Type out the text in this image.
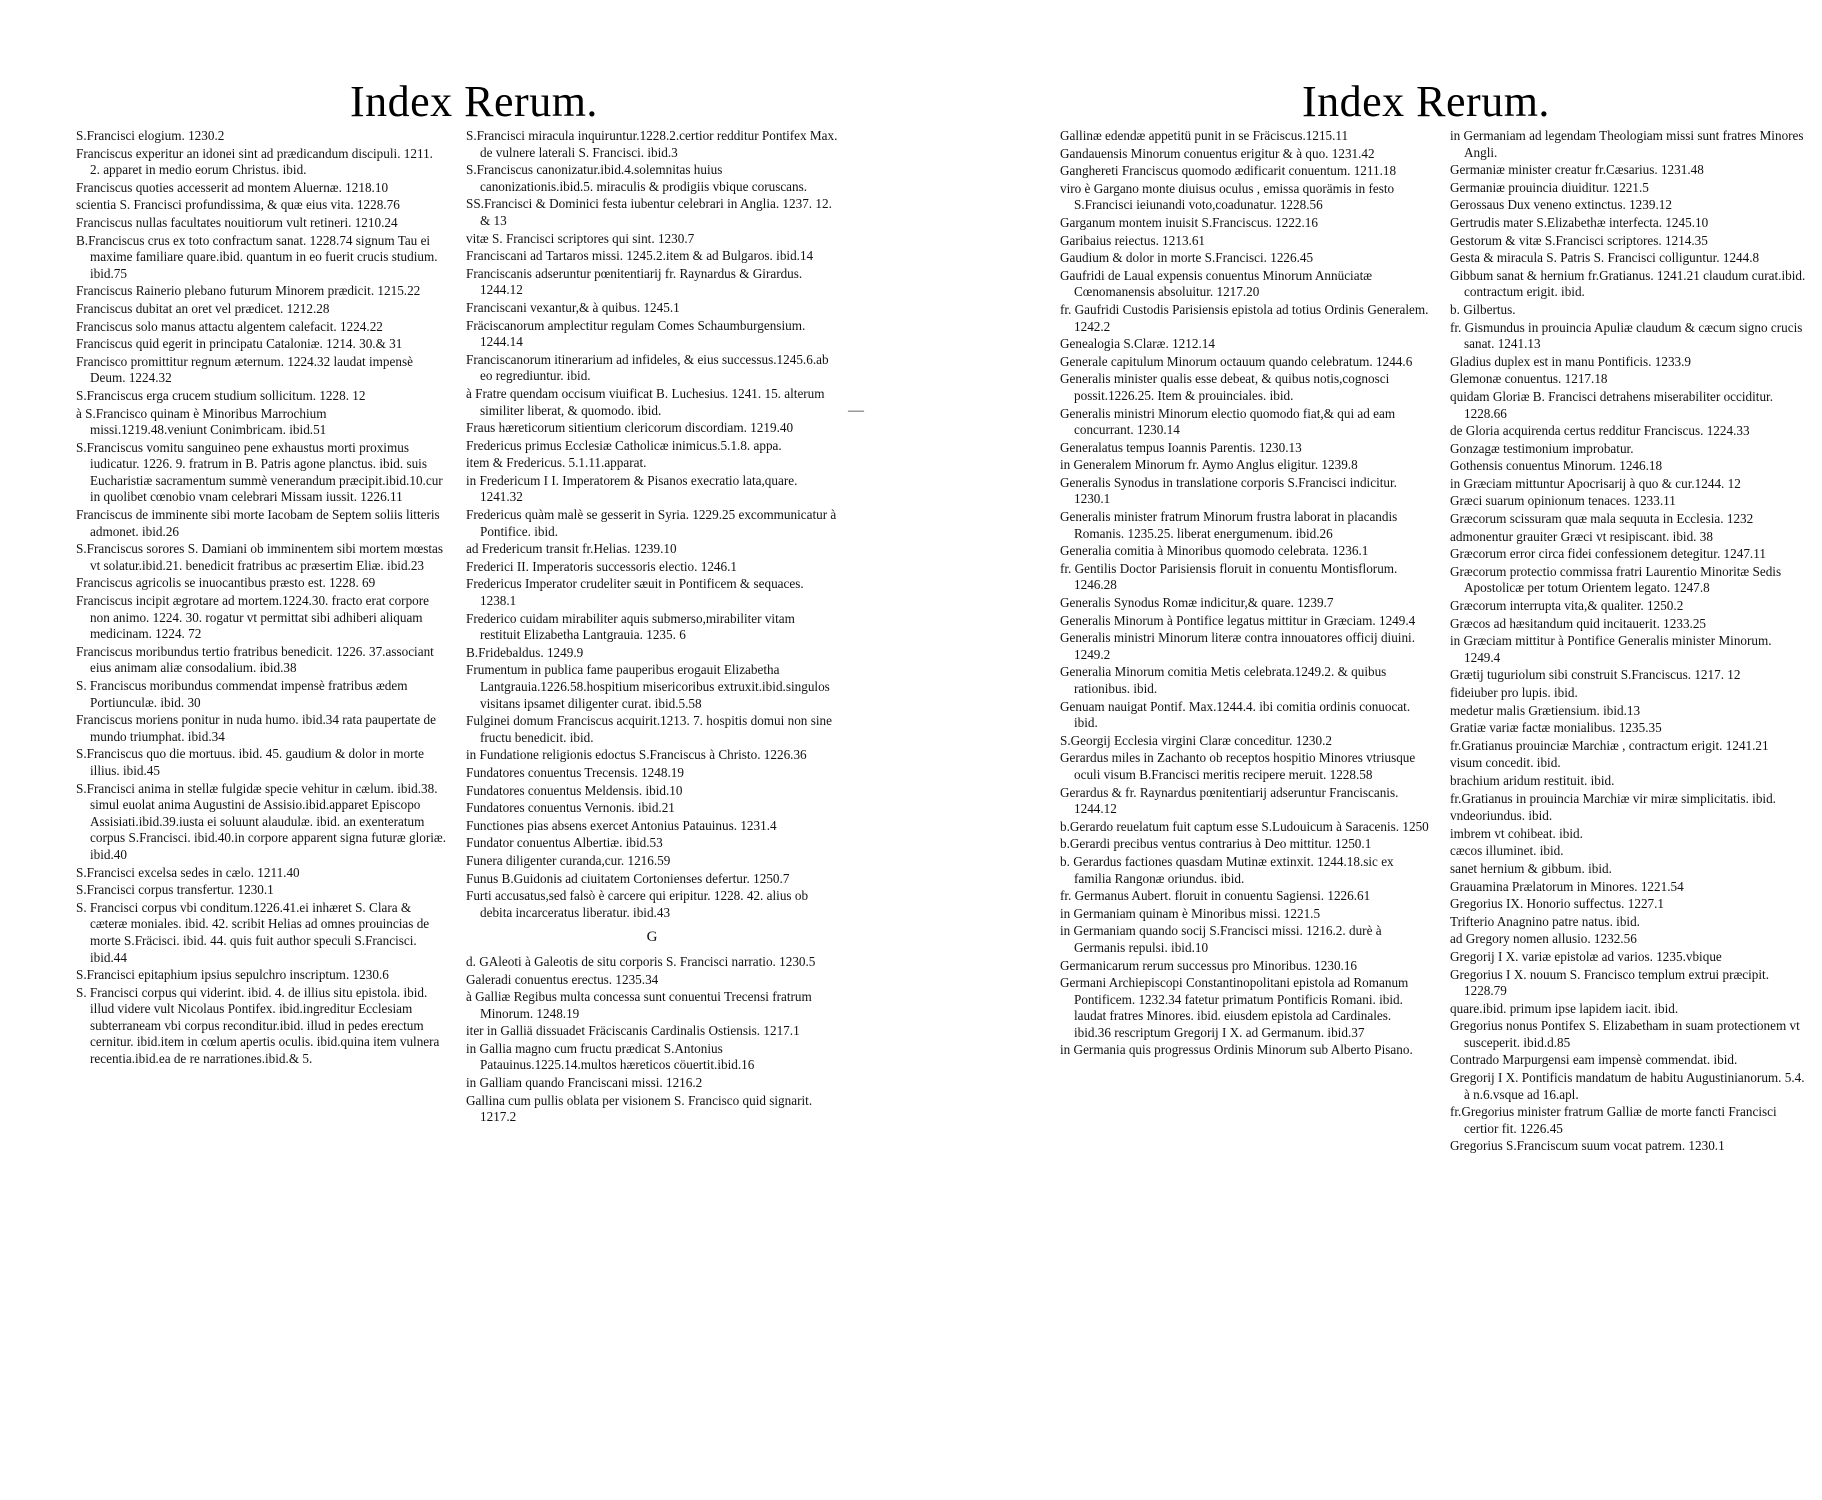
Index Rerum.
S.Francisci elogium. 1230.2
Franciscus experitur an idonei sint ad prædicandum discipuli. 1211. 2. apparet in medio eorum Christus. ibid.
Franciscus quoties accesserit ad montem Aluernæ. 1218.10
scientia S. Francisci profundissima, & quæ eius vita. 1228.76
Franciscus nullas facultates nouitiorum vult retineri. 1210.24
B.Franciscus crus ex toto confractum sanat. 1228.74 signum Tau ei maxime familiare quare.ibid. quantum in eo fuerit crucis studium. ibid.75
Franciscus Rainerio plebano futurum Minorem prædicit. 1215.22
Franciscus dubitat an oret vel prædicet. 1212.28
Franciscus solo manus attactu algentem calefacit. 1224.22
Franciscus quid egerit in principatu Cataloniæ. 1214. 30.& 31
Francisco promittitur regnum æternum. 1224.32 laudat impensè Deum. 1224.32
S.Franciscus erga crucem studium sollicitum. 1228. 12
à S.Francisco quinam è Minoribus Marrochium missi.1219.48.veniunt Conimbricam. ibid.51
S.Franciscus vomitu sanguineo pene exhaustus morti proximus iudicatur. 1226. 9. fratrum in B. Patris agone planctus. ibid. suis Eucharistiæ sacramentum summè venerandum præcipit.ibid.10.cur in quolibet cœnobio vnam celebrari Missam iussit. 1226.11
Franciscus de imminente sibi morte Iacobam de Septem soliis litteris admonet. ibid.26
S.Franciscus sorores S. Damiani ob imminentem sibi mortem mœstas vt solatur.ibid.21. benedicit fratribus ac præsertim Eliæ. ibid.23
Franciscus agricolis se inuocantibus præsto est. 1228. 69
Franciscus incipit ægrotare ad mortem.1224.30. fracto erat corpore non animo. 1224. 30. rogatur vt permittat sibi adhiberi aliquam medicinam. 1224. 72
Franciscus moribundus tertio fratribus benedicit. 1226. 37.associant eius animam aliæ consodalium. ibid.38
S. Franciscus moribundus commendat impensè fratribus ædem Portiunculæ. ibid. 30
Franciscus moriens ponitur in nuda humo. ibid.34 rata paupertate de mundo triumphat. ibid.34
S.Franciscus quo die mortuus. ibid. 45. gaudium & dolor in morte illius. ibid.45
S.Francisci anima in stellæ fulgidæ specie vehitur in cælum. ibid.38. simul euolat anima Augustini de Assisio.ibid.apparet Episcopo Assisiati.ibid.39.iusta ei soluunt alaudulæ. ibid. an exenteratum corpus S.Francisci. ibid.40.in corpore apparent signa futuræ gloriæ. ibid.40
S.Francisci excelsa sedes in cælo. 1211.40
S.Francisci corpus transfertur. 1230.1
S. Francisci corpus vbi conditum.1226.41.ei inhæret S. Clara & cæteræ moniales. ibid. 42. scribit Helias ad omnes prouincias de morte S.Fräcisci. ibid. 44. quis fuit author speculi S.Francisci. ibid.44
S.Francisci epitaphium ipsius sepulchro inscriptum. 1230.6
S. Francisci corpus qui viderint. ibid. 4. de illius situ epistola. ibid. illud videre vult Nicolaus Pontifex. ibid.ingreditur Ecclesiam subterraneam vbi corpus reconditur.ibid. illud in pedes erectum cernitur. ibid.item in cœlum apertis oculis. ibid.quina item vulnera recentia.ibid.ea de re narrationes.ibid.& 5.
S.Francisci miracula inquiruntur.1228.2.certior redditur Pontifex Max. de vulnere laterali S. Francisci. ibid.3
S.Franciscus canonizatur.ibid.4.solemnitas huius canonizationis.ibid.5. miraculis & prodigiis vbique coruscans.
SS.Francisci & Dominici festa iubentur celebrari in Anglia. 1237. 12. & 13
vitæ S. Francisci scriptores qui sint. 1230.7
Franciscani ad Tartaros missi. 1245.2.item & ad Bulgaros. ibid.14
Franciscanis adseruntur pœnitentiarij fr. Raynardus & Girardus. 1244.12
Franciscani vexantur,& à quibus. 1245.1
Fräciscanorum amplectitur regulam Comes Schaumburgensium. 1244.14
Franciscanorum itinerarium ad infideles, & eius successus.1245.6.ab eo regrediuntur. ibid.
à Fratre quendam occisum viuificat B. Luchesius. 1241. 15. alterum similiter liberat, & quomodo. ibid.
Fraus hæreticorum sitientium clericorum discordiam. 1219.40
Fredericus primus Ecclesiæ Catholicæ inimicus.5.1.8. appa.
item & Fredericus. 5.1.11.apparat.
in Fredericum I I. Imperatorem & Pisanos execratio lata,quare. 1241.32
Fredericus quàm malè se gesserit in Syria. 1229.25 excommunicatur à Pontifice. ibid.
ad Fredericum transit fr.Helias. 1239.10
Frederici II. Imperatoris successoris electio. 1246.1
Fredericus Imperator crudeliter sæuit in Pontificem & sequaces. 1238.1
Frederico cuidam mirabiliter aquis submerso,mirabiliter vitam restituit Elizabetha Lantgrauia. 1235. 6
B.Fridebaldus. 1249.9
Frumentum in publica fame pauperibus erogauit Elizabetha Lantgrauia.1226.58.hospitium misericoribus extruxit.ibid.singulos visitans ipsamet diligenter curat. ibid.5.58
Fulginei domum Franciscus acquirit.1213. 7. hospitis domui non sine fructu benedicit. ibid.
in Fundatione religionis edoctus S.Franciscus à Christo. 1226.36
Fundatores conuentus Trecensis. 1248.19
Fundatores conuentus Meldensis. ibid.10
Fundatores conuentus Vernonis. ibid.21
Functiones pias absens exercet Antonius Patauinus. 1231.4
Fundator conuentus Albertiæ. ibid.53
Funera diligenter curanda,cur. 1216.59
Funus B.Guidonis ad ciuitatem Cortonienses defertur. 1250.7
Furti accusatus,sed falsò è carcere qui eripitur. 1228. 42. alius ob debita incarceratus liberatur. ibid.43
G
d. GAleoti à Galeotis de situ corporis S. Francisci narratio. 1230.5
Galeradi conuentus erectus. 1235.34
à Galliæ Regibus multa concessa sunt conuentui Trecensi fratrum Minorum. 1248.19
iter in Galliä dissuadet Fräciscanis Cardinalis Ostiensis. 1217.1
in Gallia magno cum fructu prædicat S.Antonius Patauinus.1225.14.multos hæreticos cöuertit.ibid.16
in Galliam quando Franciscani missi. 1216.2
Gallina cum pullis oblata per visionem S. Francisco quid signarit. 1217.2
—
Index Rerum.
Gallinæ edendæ appetitü punit in se Fräciscus.1215.11
Gandauensis Minorum conuentus erigitur & à quo. 1231.42
Ganghereti Franciscus quomodo ædificarit conuentum. 1211.18
viro è Gargano monte diuisus oculus , emissa quorämis in festo S.Francisci ieiunandi voto,coadunatur. 1228.56
Garganum montem inuisit S.Franciscus. 1222.16
Garibaius reiectus. 1213.61
Gaudium & dolor in morte S.Francisci. 1226.45
Gaufridi de Laual expensis conuentus Minorum Annüciatæ Cœnomanensis absoluitur. 1217.20
fr. Gaufridi Custodis Parisiensis epistola ad totius Ordinis Generalem. 1242.2
Genealogia S.Claræ. 1212.14
Generale capitulum Minorum octauum quando celebratum. 1244.6
Generalis minister qualis esse debeat, & quibus notis,cognosci possit.1226.25. Item & prouinciales. ibid.
Generalis ministri Minorum electio quomodo fiat,& qui ad eam concurrant. 1230.14
Generalatus tempus Ioannis Parentis. 1230.13
in Generalem Minorum fr. Aymo Anglus eligitur. 1239.8
Generalis Synodus in translatione corporis S.Francisci indicitur. 1230.1
Generalis minister fratrum Minorum frustra laborat in placandis Romanis. 1235.25. liberat energumenum. ibid.26
Generalia comitia à Minoribus quomodo celebrata. 1236.1
fr. Gentilis Doctor Parisiensis floruit in conuentu Montisflorum. 1246.28
Generalis Synodus Romæ indicitur,& quare. 1239.7
Generalis Minorum à Pontifice legatus mittitur in Græciam. 1249.4
Generalis ministri Minorum literæ contra innouatores officij diuini. 1249.2
Generalia Minorum comitia Metis celebrata.1249.2. & quibus rationibus. ibid.
Genuam nauigat Pontif. Max.1244.4. ibi comitia ordinis conuocat. ibid.
S.Georgij Ecclesia virgini Claræ conceditur. 1230.2
Gerardus miles in Zachanto ob receptos hospitio Minores vtriusque oculi visum B.Francisci meritis recipere meruit. 1228.58
Gerardus & fr. Raynardus pœnitentiarij adseruntur Franciscanis. 1244.12
b.Gerardo reuelatum fuit captum esse S.Ludouicum à Saracenis. 1250
b.Gerardi precibus ventus contrarius à Deo mittitur. 1250.1
b. Gerardus factiones quasdam Mutinæ extinxit. 1244.18.sic ex familia Rangonæ oriundus. ibid.
fr. Germanus Aubert. floruit in conuentu Sagiensi. 1226.61
in Germaniam quinam è Minoribus missi. 1221.5
in Germaniam quando socij S.Francisci missi. 1216.2. durè à Germanis repulsi. ibid.10
Germanicarum rerum successus pro Minoribus. 1230.16
Germani Archiepiscopi Constantinopolitani epistola ad Romanum Pontificem. 1232.34 fatetur primatum Pontificis Romani. ibid. laudat fratres Minores. ibid. eiusdem epistola ad Cardinales. ibid.36 rescriptum Gregorij I X. ad Germanum. ibid.37
in Germania quis progressus Ordinis Minorum sub Alberto Pisano.
in Germaniam ad legendam Theologiam missi sunt fratres Minores Angli.
Germaniæ minister creatur fr.Cæsarius. 1231.48
Germaniæ prouincia diuiditur. 1221.5
Gerossaus Dux veneno extinctus. 1239.12
Gertrudis mater S.Elizabethæ interfecta. 1245.10
Gestorum & vitæ S.Francisci scriptores. 1214.35
Gesta & miracula S. Patris S. Francisci colliguntur. 1244.8
Gibbum sanat & hernium fr.Gratianus. 1241.21 claudum curat.ibid. contractum erigit. ibid.
b. Gilbertus.
fr. Gismundus in prouincia Apuliæ claudum & cæcum signo crucis sanat. 1241.13
Gladius duplex est in manu Pontificis. 1233.9
Glemonæ conuentus. 1217.18
quidam Gloriæ B. Francisci detrahens miserabiliter occiditur. 1228.66
de Gloria acquirenda certus redditur Franciscus. 1224.33
Gonzagæ testimonium improbatur.
Gothensis conuentus Minorum. 1246.18
in Græciam mittuntur Apocrisarij à quo & cur.1244. 12
Græci suarum opinionum tenaces. 1233.11
Græcorum scissuram quæ mala sequuta in Ecclesia. 1232
admonentur grauiter Græci vt resipiscant. ibid. 38
Græcorum error circa fidei confessionem detegitur. 1247.11
Græcorum protectio commissa fratri Laurentio Minoritæ Sedis Apostolicæ per totum Orientem legato. 1247.8
Græcorum interrupta vita,& qualiter. 1250.2
Græcos ad hæsitandum quid incitauerit. 1233.25
in Græciam mittitur à Pontifice Generalis minister Minorum. 1249.4
Grætij tuguriolum sibi construit S.Franciscus. 1217. 12
fideiuber pro lupis. ibid.
medetur malis Grætiensium. ibid.13
Gratiæ variæ factæ monialibus. 1235.35
fr.Gratianus prouinciæ Marchiæ , contractum erigit. 1241.21
visum concedit. ibid.
brachium aridum restituit. ibid.
fr.Gratianus in prouincia Marchiæ vir miræ simplicitatis. ibid.
vndeoriundus. ibid.
imbrem vt cohibeat. ibid.
cæcos illuminet. ibid.
sanet hernium & gibbum. ibid.
Grauamina Prælatorum in Minores. 1221.54
Gregorius IX. Honorio suffectus. 1227.1
Trifterio Anagnino patre natus. ibid.
ad Gregory nomen allusio. 1232.56
Gregorij I X. variæ epistolæ ad varios. 1235.vbique
Gregorius I X. nouum S. Francisco templum extrui præcipit. 1228.79
quare.ibid. primum ipse lapidem iacit. ibid.
Gregorius nonus Pontifex S. Elizabetham in suam protectionem vt susceperit. ibid.d.85
Contrado Marpurgensi eam impensè commendat. ibid.
Gregorij I X. Pontificis mandatum de habitu Augustinianorum. 5.4. à n.6.vsque ad 16.apl.
fr.Gregorius minister fratrum Galliæ de morte fancti Francisci certior fit. 1226.45
Gregorius S.Franciscum suum vocat patrem. 1230.1
